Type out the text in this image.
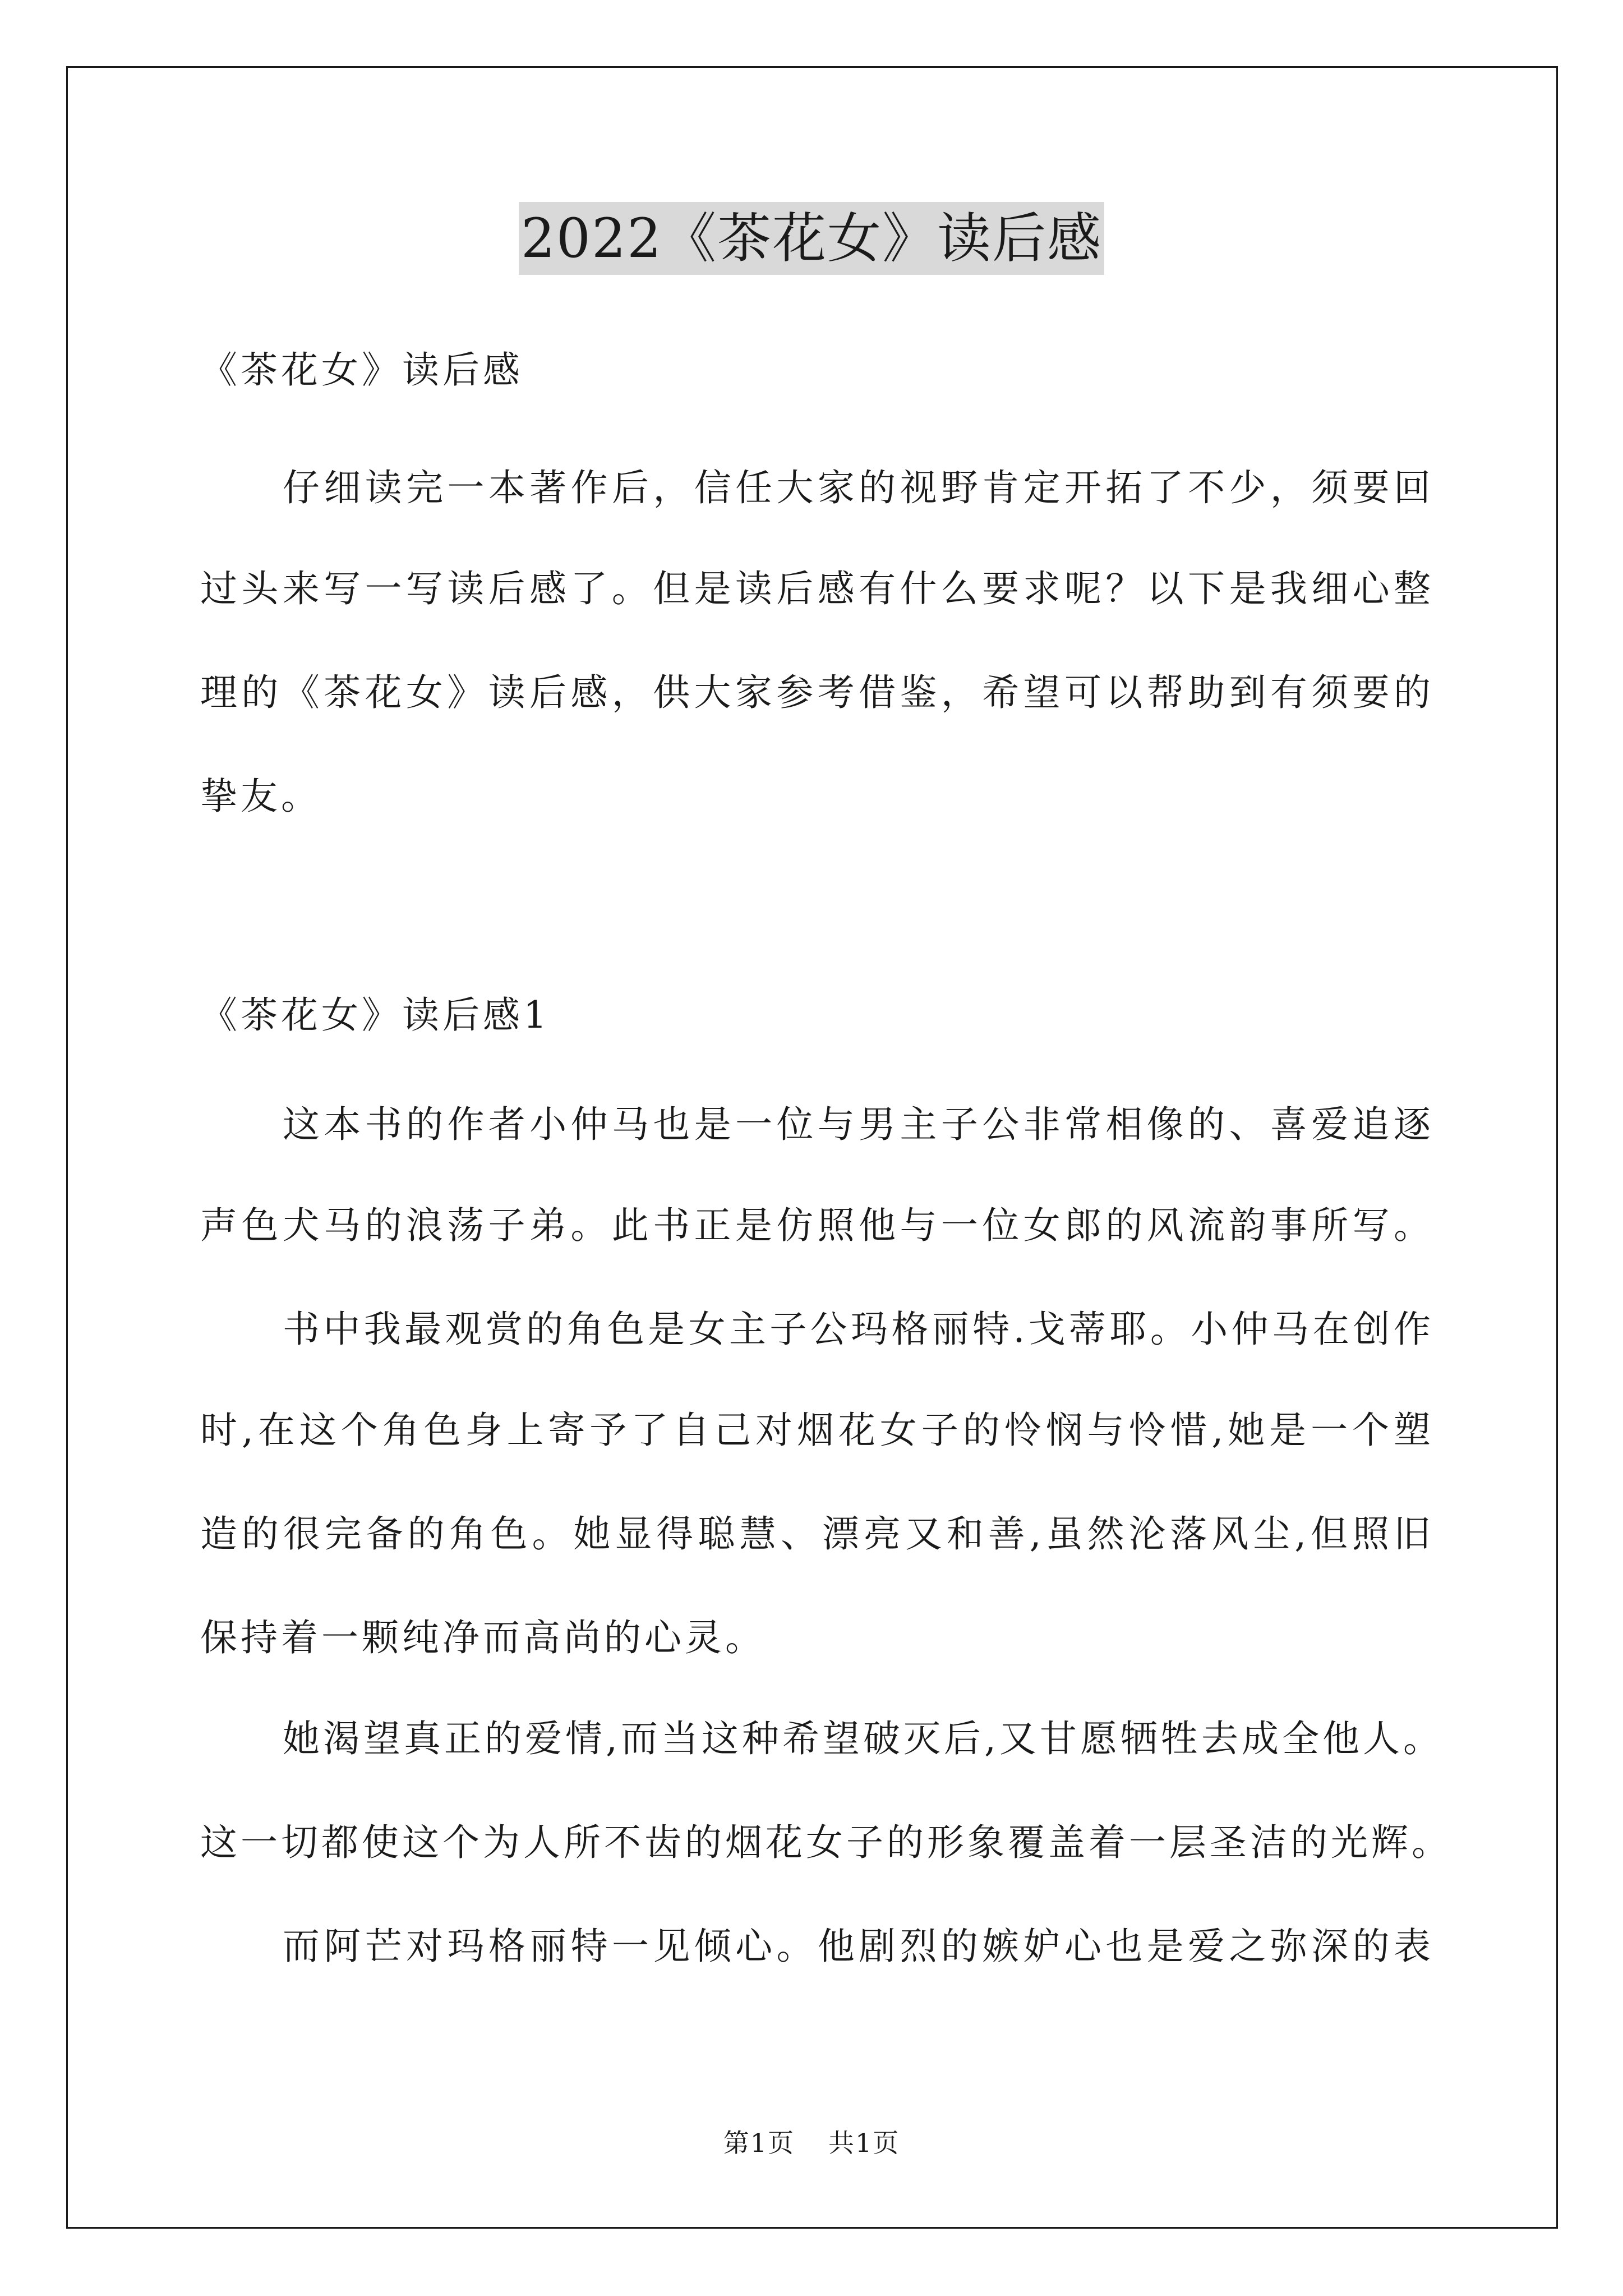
2022《茶花女》读后感
《茶花女》读后感
仔细读完一本著作后，信任大家的视野肯定开拓了不少，须要回
过头来写一写读后感了。但是读后感有什么要求呢？以下是我细心整
理的《茶花女》读后感，供大家参考借鉴，希望可以帮助到有须要的
挚友。
《茶花女》读后感1
这本书的作者小仲马也是一位与男主子公非常相像的、喜爱追逐
声色犬马的浪荡子弟。此书正是仿照他与一位女郎的风流韵事所写。
书中我最观赏的角色是女主子公玛格丽特.戈蒂耶。小仲马在创作
时,在这个角色身上寄予了自己对烟花女子的怜悯与怜惜,她是一个塑
造的很完备的角色。她显得聪慧、漂亮又和善,虽然沦落风尘,但照旧
保持着一颗纯净而高尚的心灵。
她渴望真正的爱情,而当这种希望破灭后,又甘愿牺牲去成全他人。
这一切都使这个为人所不齿的烟花女子的形象覆盖着一层圣洁的光辉。
而阿芒对玛格丽特一见倾心。他剧烈的嫉妒心也是爱之弥深的表
第1页 共1页
